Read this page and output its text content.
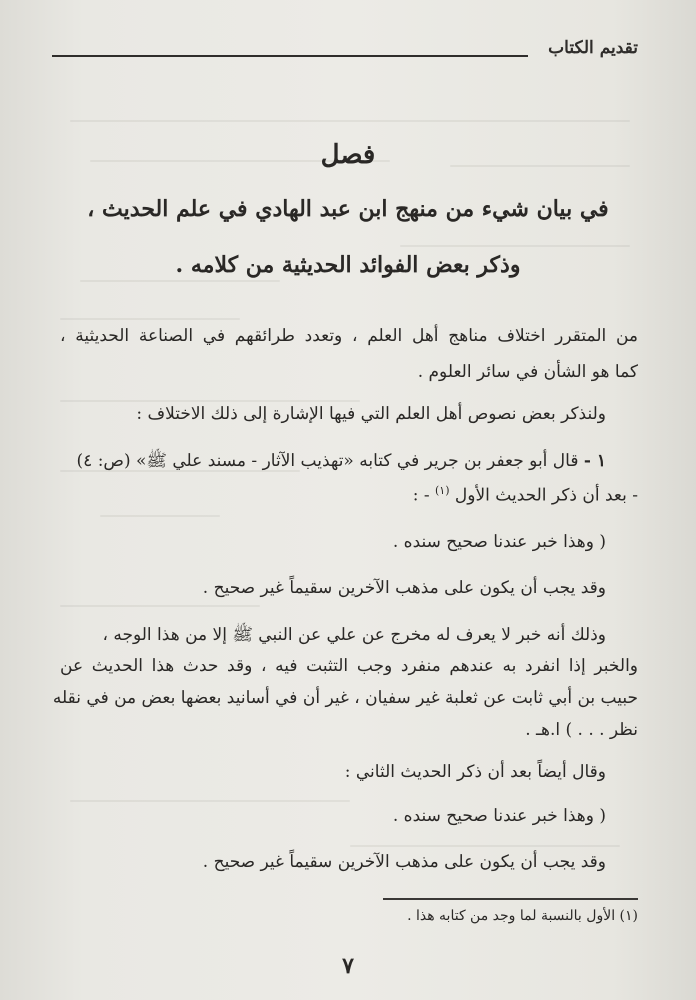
تقديم الكتاب
فصل
في بيان شيء من منهج ابن عبد الهادي في علم الحديث ،
وذكر بعض الفوائد الحديثية من كلامه .
من المتقرر اختلاف مناهج أهل العلم ، وتعدد طرائقهم في الصناعة الحديثية ،
كما هو الشأن في سائر العلوم .
ولنذكر بعض نصوص أهل العلم التي فيها الإشارة إلى ذلك الاختلاف :
١ - قال أبو جعفر بن جرير في كتابه «تهذيب الآثار - مسند علي ﷺ» (ص: ٤)
- بعد أن ذكر الحديث الأول $^{(١)}$ - :
( وهذا خبر عندنا صحيح سنده .
وقد يجب أن يكون على مذهب الآخرين سقيماً غير صحيح .
وذلك أنه خبر لا يعرف له مخرج عن علي عن النبي ﷺ إلا من هذا الوجه ،
والخبر إذا انفرد به عندهم منفرد وجب التثبت فيه ، وقد حدث هذا الحديث عن
حبيب بن أبي ثابت عن ثعلبة غير سفيان ، غير أن في أسانيد بعضها بعض من في نقله
نظر . . . ) ا.هـ .
وقال أيضاً بعد أن ذكر الحديث الثاني :
( وهذا خبر عندنا صحيح سنده .
وقد يجب أن يكون على مذهب الآخرين سقيماً غير صحيح .
(١) الأول بالنسبة لما وجد من كتابه هذا .
٧
